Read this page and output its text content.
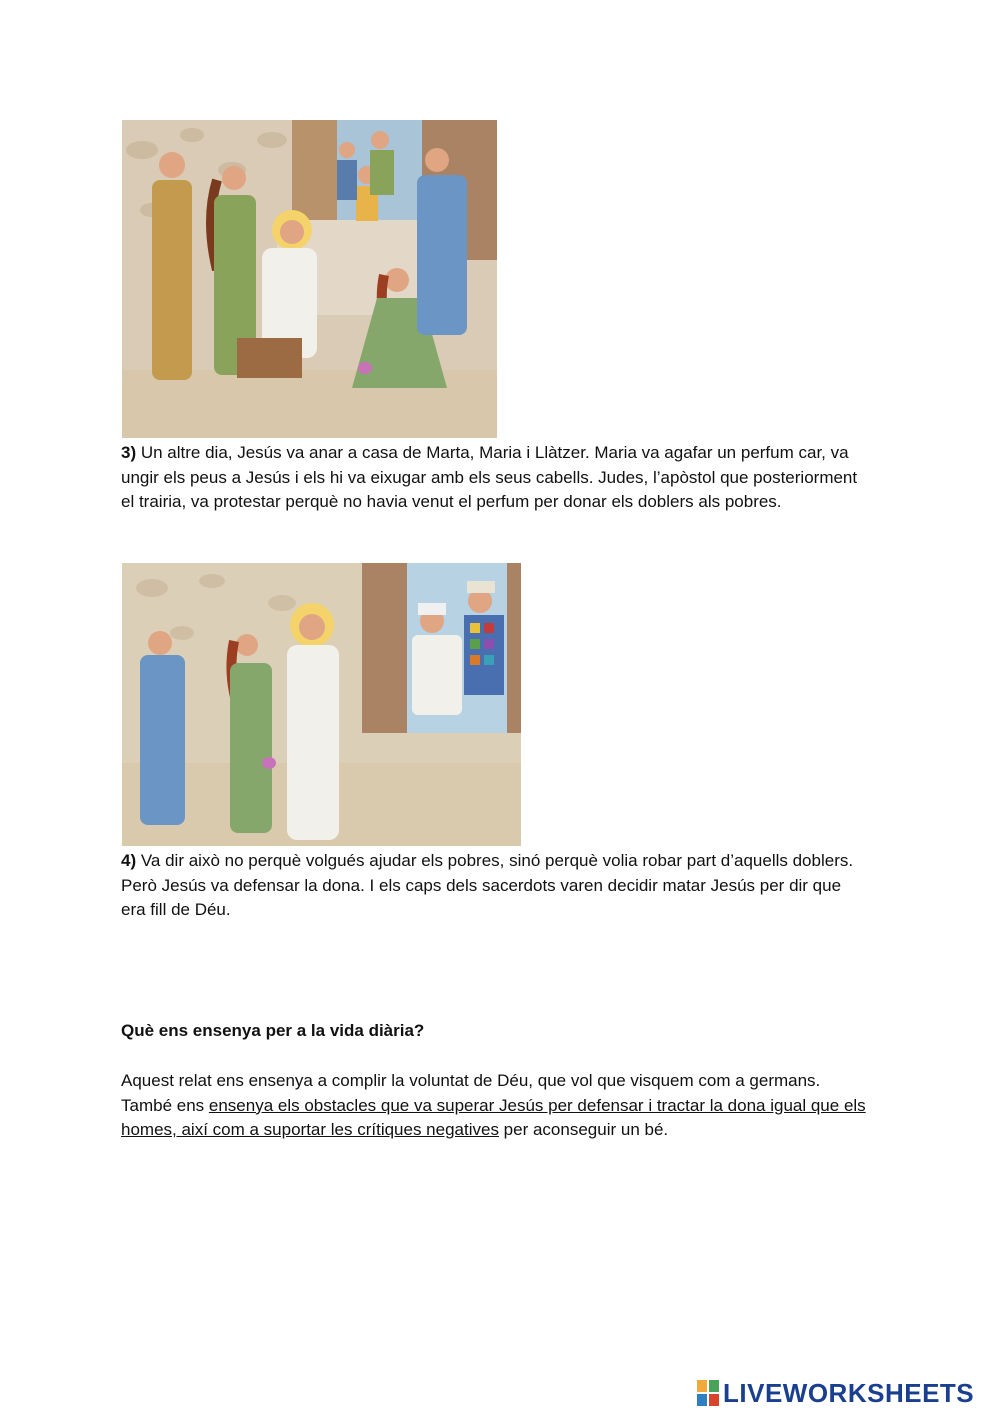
3) Un altre dia, Jesús va anar a casa de Marta, Maria i Llàtzer. Maria va agafar un perfum car, va ungir els peus a Jesús i els hi va eixugar amb els seus cabells. Judes, l’apòstol que posteriorment el trairia, va protestar perquè no havia venut el perfum per donar els doblers als pobres.

4) Va dir això no perquè volgués ajudar els pobres, sinó perquè volia robar part d’aquells doblers. Però Jesús va defensar la dona. I els caps dels sacerdots varen decidir matar Jesús per dir que era fill de Déu.

Què ens ensenya per a la vida diària?

Aquest relat ens ensenya a complir la voluntat de Déu, que vol que visquem com a germans. També ens ensenya els obstacles que va superar Jesús per defensar i tractar la dona igual que els homes, així com a suportar les crítiques negatives per aconseguir un bé.

LIVEWORKSHEETS
